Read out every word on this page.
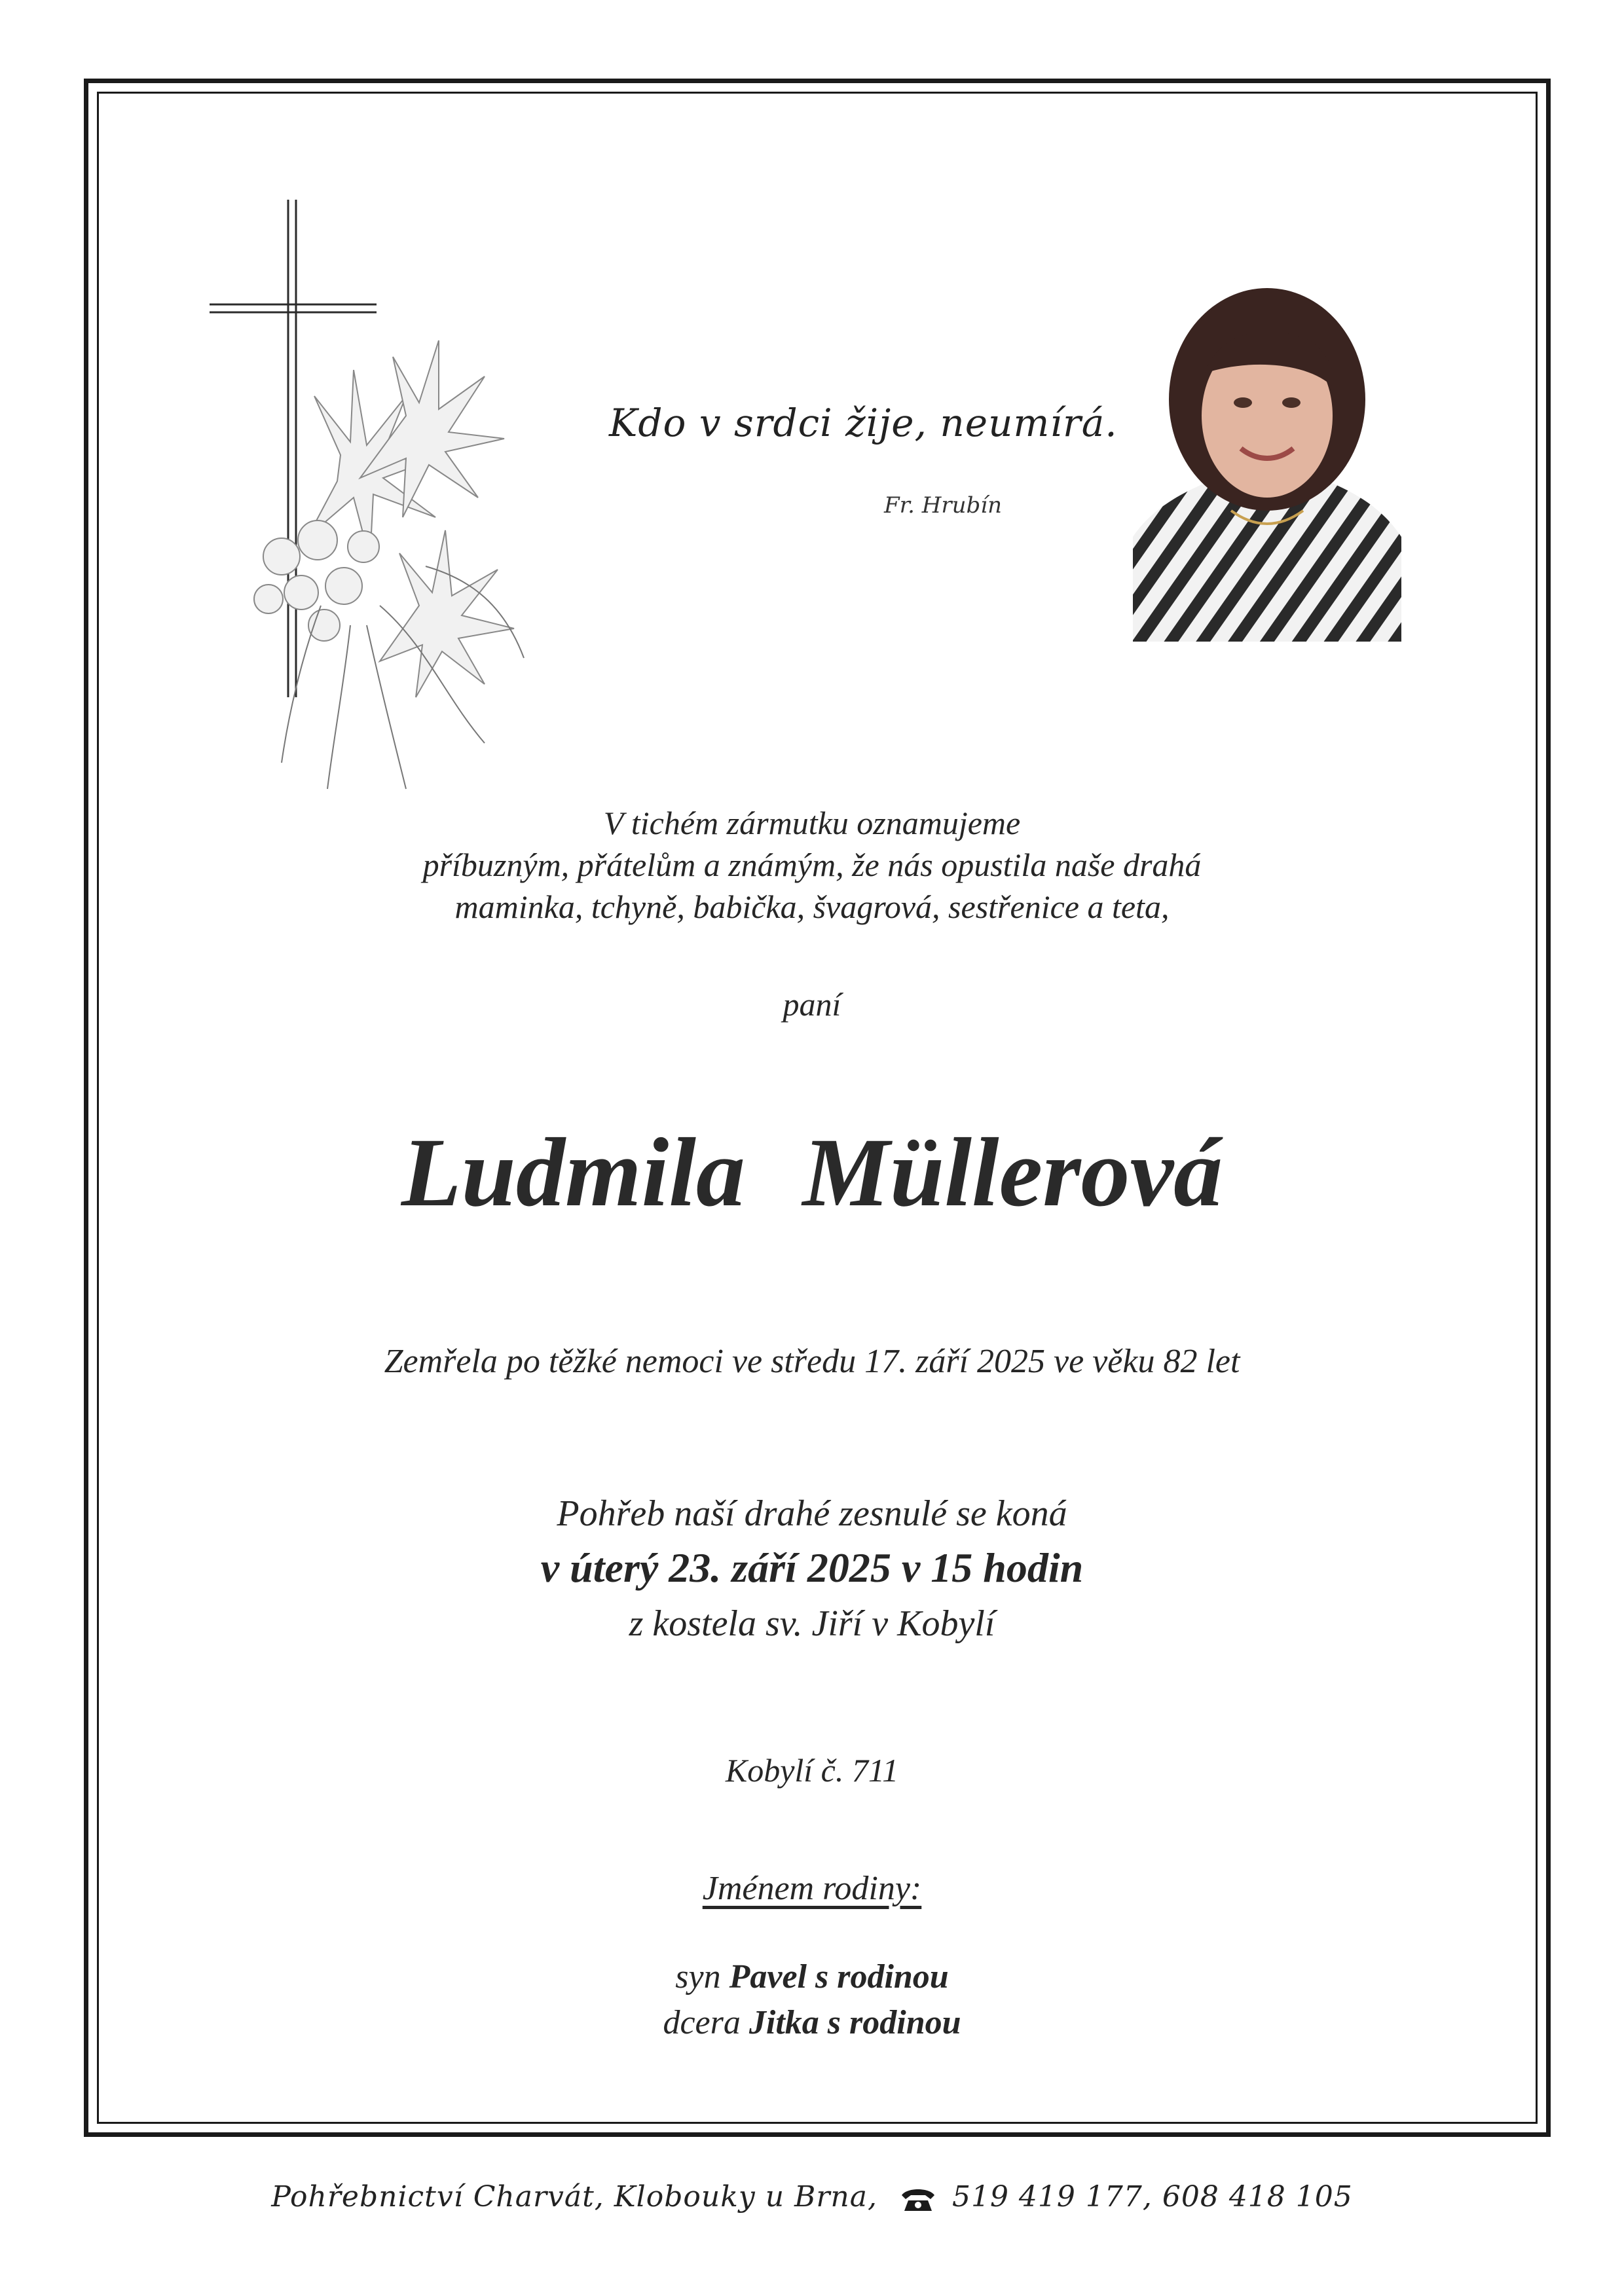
Kdo v srdci žije, neumírá.
Fr. Hrubín
V tichém zármutku oznamujeme
příbuzným, přátelům a známým, že nás opustila naše drahá
maminka, tchyně, babička, švagrová, sestřenice a teta,
paní
Ludmila Müllerová
Zemřela po těžké nemoci ve středu 17. září 2025 ve věku 82 let
Pohřeb naší drahé zesnulé se koná
v úterý 23. září 2025 v 15 hodin
z kostela sv. Jiří v Kobylí
Kobylí č. 711
Jménem rodiny:
syn Pavel s rodinou
dcera Jitka s rodinou
Pohřebnictví Charvát, Klobouky u Brna,	519 419 177, 608 418 105
